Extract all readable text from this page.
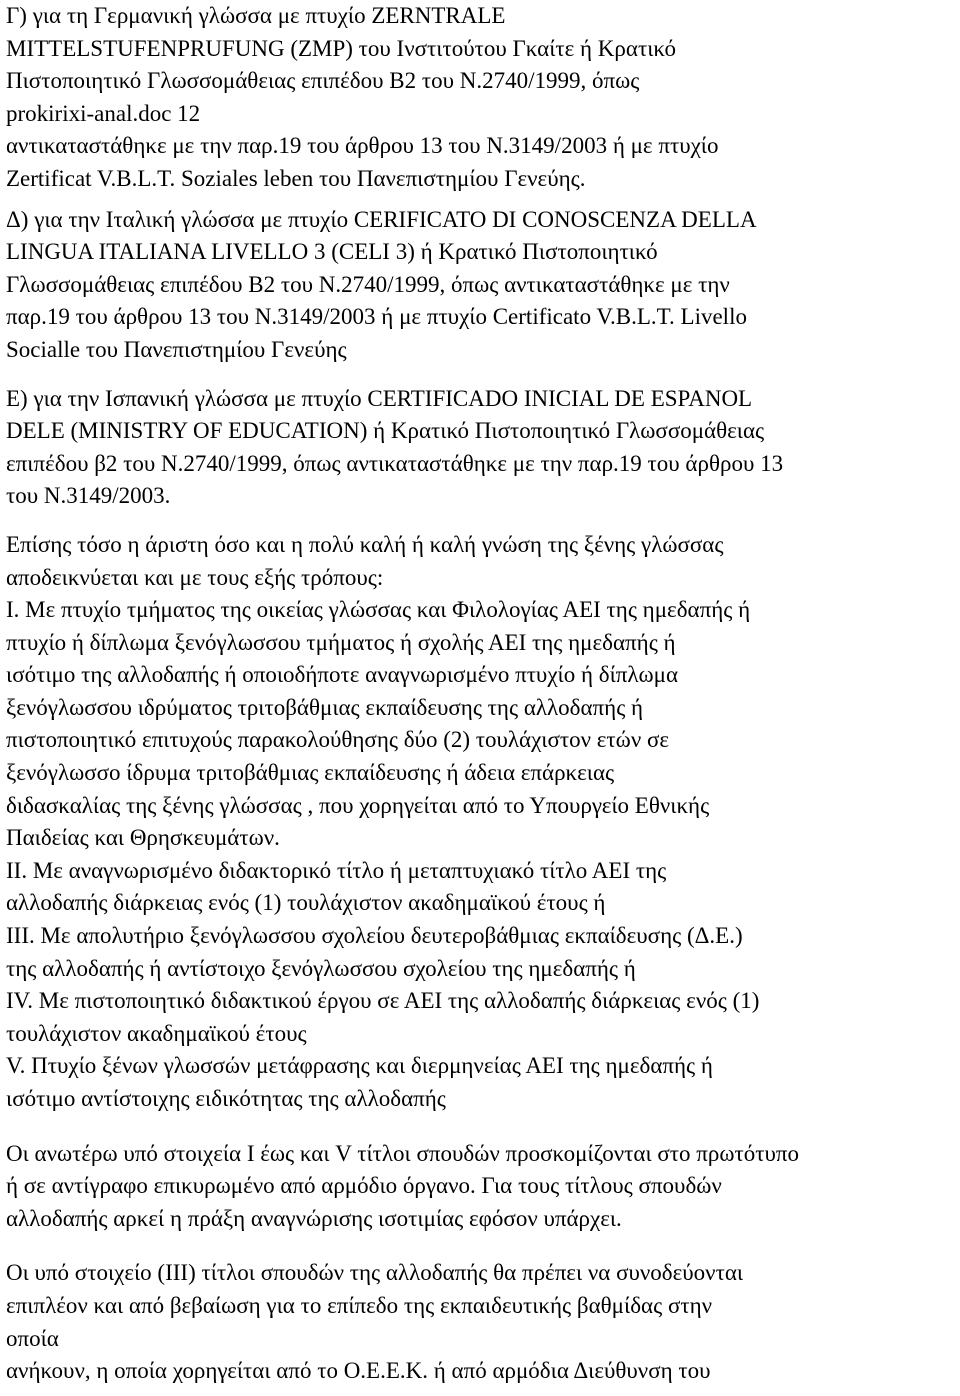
Γ) για τη Γερμανική γλώσσα με πτυχίο ZERNTRALE
MITTELSTUFENPRUFUNG (ZMP) του Ινστιτούτου Γκαίτε ή Κρατικό
Πιστοποιητικό Γλωσσομάθειας επιπέδου Β2 του Ν.2740/1999, όπως
prokirixi-anal.doc 12
αντικαταστάθηκε με την παρ.19 του άρθρου 13 του Ν.3149/2003 ή με πτυχίο
Zertificat V.B.L.T. Soziales leben του Πανεπιστημίου Γενεύης.
Δ) για την Ιταλική γλώσσα με πτυχίο CERIFICATO DI CONOSCENZA DELLA
LINGUA ITALIANA LIVELLO 3 (CELI 3) ή Κρατικό Πιστοποιητικό
Γλωσσομάθειας επιπέδου Β2 του Ν.2740/1999, όπως αντικαταστάθηκε με την
παρ.19 του άρθρου 13 του Ν.3149/2003 ή με πτυχίο Certificato V.B.L.T. Livello
Socialle του Πανεπιστημίου Γενεύης
Ε) για την Ισπανική γλώσσα με πτυχίο CERTIFICADO INICIAL DE ESPANOL
DELE (MINISTRY OF EDUCATION) ή Κρατικό Πιστοποιητικό Γλωσσομάθειας
επιπέδου β2 του Ν.2740/1999, όπως αντικαταστάθηκε με την παρ.19 του άρθρου 13
του Ν.3149/2003.
Επίσης τόσο η άριστη όσο και η πολύ καλή ή καλή γνώση της ξένης γλώσσας
αποδεικνύεται και με τους εξής τρόπους:
Ι. Με πτυχίο τμήματος της οικείας γλώσσας και Φιλολογίας ΑΕΙ της ημεδαπής ή
πτυχίο ή δίπλωμα ξενόγλωσσου τμήματος ή σχολής ΑΕΙ της ημεδαπής ή
ισότιμο της αλλοδαπής ή οποιοδήποτε αναγνωρισμένο πτυχίο ή δίπλωμα
ξενόγλωσσου ιδρύματος τριτοβάθμιας εκπαίδευσης της αλλοδαπής ή
πιστοποιητικό επιτυχούς παρακολούθησης δύο (2) τουλάχιστον ετών σε
ξενόγλωσσο ίδρυμα τριτοβάθμιας εκπαίδευσης ή άδεια επάρκειας
διδασκαλίας της ξένης γλώσσας , που χορηγείται από το Υπουργείο Εθνικής
Παιδείας και Θρησκευμάτων.
ΙΙ. Με αναγνωρισμένο διδακτορικό τίτλο ή μεταπτυχιακό τίτλο ΑΕΙ της
αλλοδαπής διάρκειας ενός (1) τουλάχιστον ακαδημαϊκού έτους ή
ΙΙΙ. Με απολυτήριο ξενόγλωσσου σχολείου δευτεροβάθμιας εκπαίδευσης (Δ.Ε.)
της αλλοδαπής ή αντίστοιχο ξενόγλωσσου σχολείου της ημεδαπής ή
ΙV. Με πιστοποιητικό διδακτικού έργου σε ΑΕΙ της αλλοδαπής διάρκειας ενός (1)
τουλάχιστον ακαδημαϊκού έτους
V. Πτυχίο ξένων γλωσσών μετάφρασης και διερμηνείας ΑΕΙ της ημεδαπής ή
ισότιμο αντίστοιχης ειδικότητας της αλλοδαπής
Οι ανωτέρω υπό στοιχεία Ι έως και V τίτλοι σπουδών προσκομίζονται στο πρωτότυπο
ή σε αντίγραφο επικυρωμένο από αρμόδιο όργανο. Για τους τίτλους σπουδών
αλλοδαπής αρκεί η πράξη αναγνώρισης ισοτιμίας εφόσον υπάρχει.
Οι υπό στοιχείο (ΙΙΙ) τίτλοι σπουδών της αλλοδαπής θα πρέπει να συνοδεύονται
επιπλέον και από βεβαίωση για το επίπεδο της εκπαιδευτικής βαθμίδας στην
οποία
ανήκουν, η οποία χορηγείται από το Ο.Ε.Ε.Κ. ή από αρμόδια Διεύθυνση του
